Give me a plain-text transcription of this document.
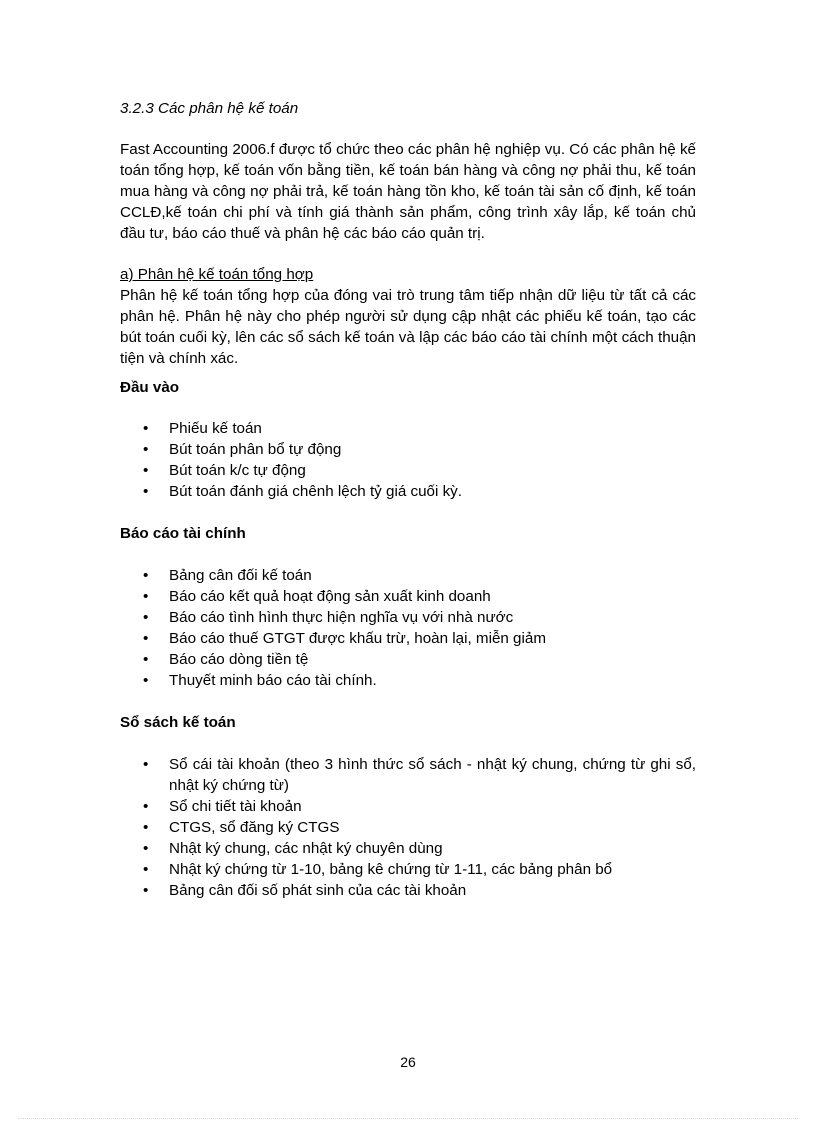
3.2.3 Các phân hệ kế toán

Fast Accounting 2006.f được tổ chức theo các phân hệ nghiệp vụ. Có các phân hệ kế toán tổng hợp, kế toán vốn bằng tiền, kế toán bán hàng và công nợ phải thu, kế toán mua hàng và công nợ phải trả, kế toán hàng tồn kho, kế toán tài sản cố định, kế toán CCLĐ,kế toán chi phí và tính giá thành sản phẩm, công trình xây lắp, kế toán chủ đầu tư, báo cáo thuế và phân hệ các báo cáo quản trị.

a) Phân hệ kế toán tổng hợp

Phân hệ kế toán tổng hợp của đóng vai trò trung tâm tiếp nhận dữ liệu từ tất cả các phân hệ. Phân hệ này cho phép người sử dụng cập nhật các phiếu kế toán, tạo các bút toán cuối kỳ, lên các sổ sách kế toán và lập các báo cáo tài chính một cách thuận tiện và chính xác.

Đầu vào

• Phiếu kế toán
• Bút toán phân bổ tự động
• Bút toán k/c tự động
• Bút toán đánh giá chênh lệch tỷ giá cuối kỳ.

Báo cáo tài chính

• Bảng cân đối kế toán
• Báo cáo kết quả hoạt động sản xuất kinh doanh
• Báo cáo tình hình thực hiện nghĩa vụ với nhà nước
• Báo cáo thuế GTGT được khấu trừ, hoàn lại, miễn giảm
• Báo cáo dòng tiền tệ
• Thuyết minh báo cáo tài chính.

Sổ sách kế toán

• Sổ cái tài khoản (theo 3 hình thức sổ sách - nhật ký chung, chứng từ ghi sổ, nhật ký chứng từ)
• Sổ chi tiết tài khoản
• CTGS, sổ đăng ký CTGS
• Nhật ký chung, các nhật ký chuyên dùng
• Nhật ký chứng từ 1-10, bảng kê chứng từ 1-11, các bảng phân bổ
• Bảng cân đối số phát sinh của các tài khoản
26
